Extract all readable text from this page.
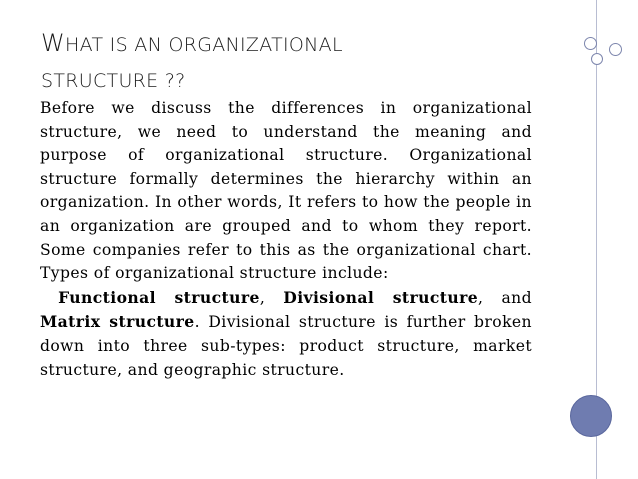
WHAT IS AN ORGANIZATIONAL
STRUCTURE ??
Before we discuss the differences in organizational structure, we need to understand the meaning and purpose of organizational structure. Organizational structure formally determines the hierarchy within an organization. In other words, It refers to how the people in an organization are grouped and to whom they report. Some companies refer to this as the organizational chart. Types of organizational structure include:
Functional structure, Divisional structure, and Matrix structure. Divisional structure is further broken down into three sub-types: product structure, market structure, and geographic structure.
